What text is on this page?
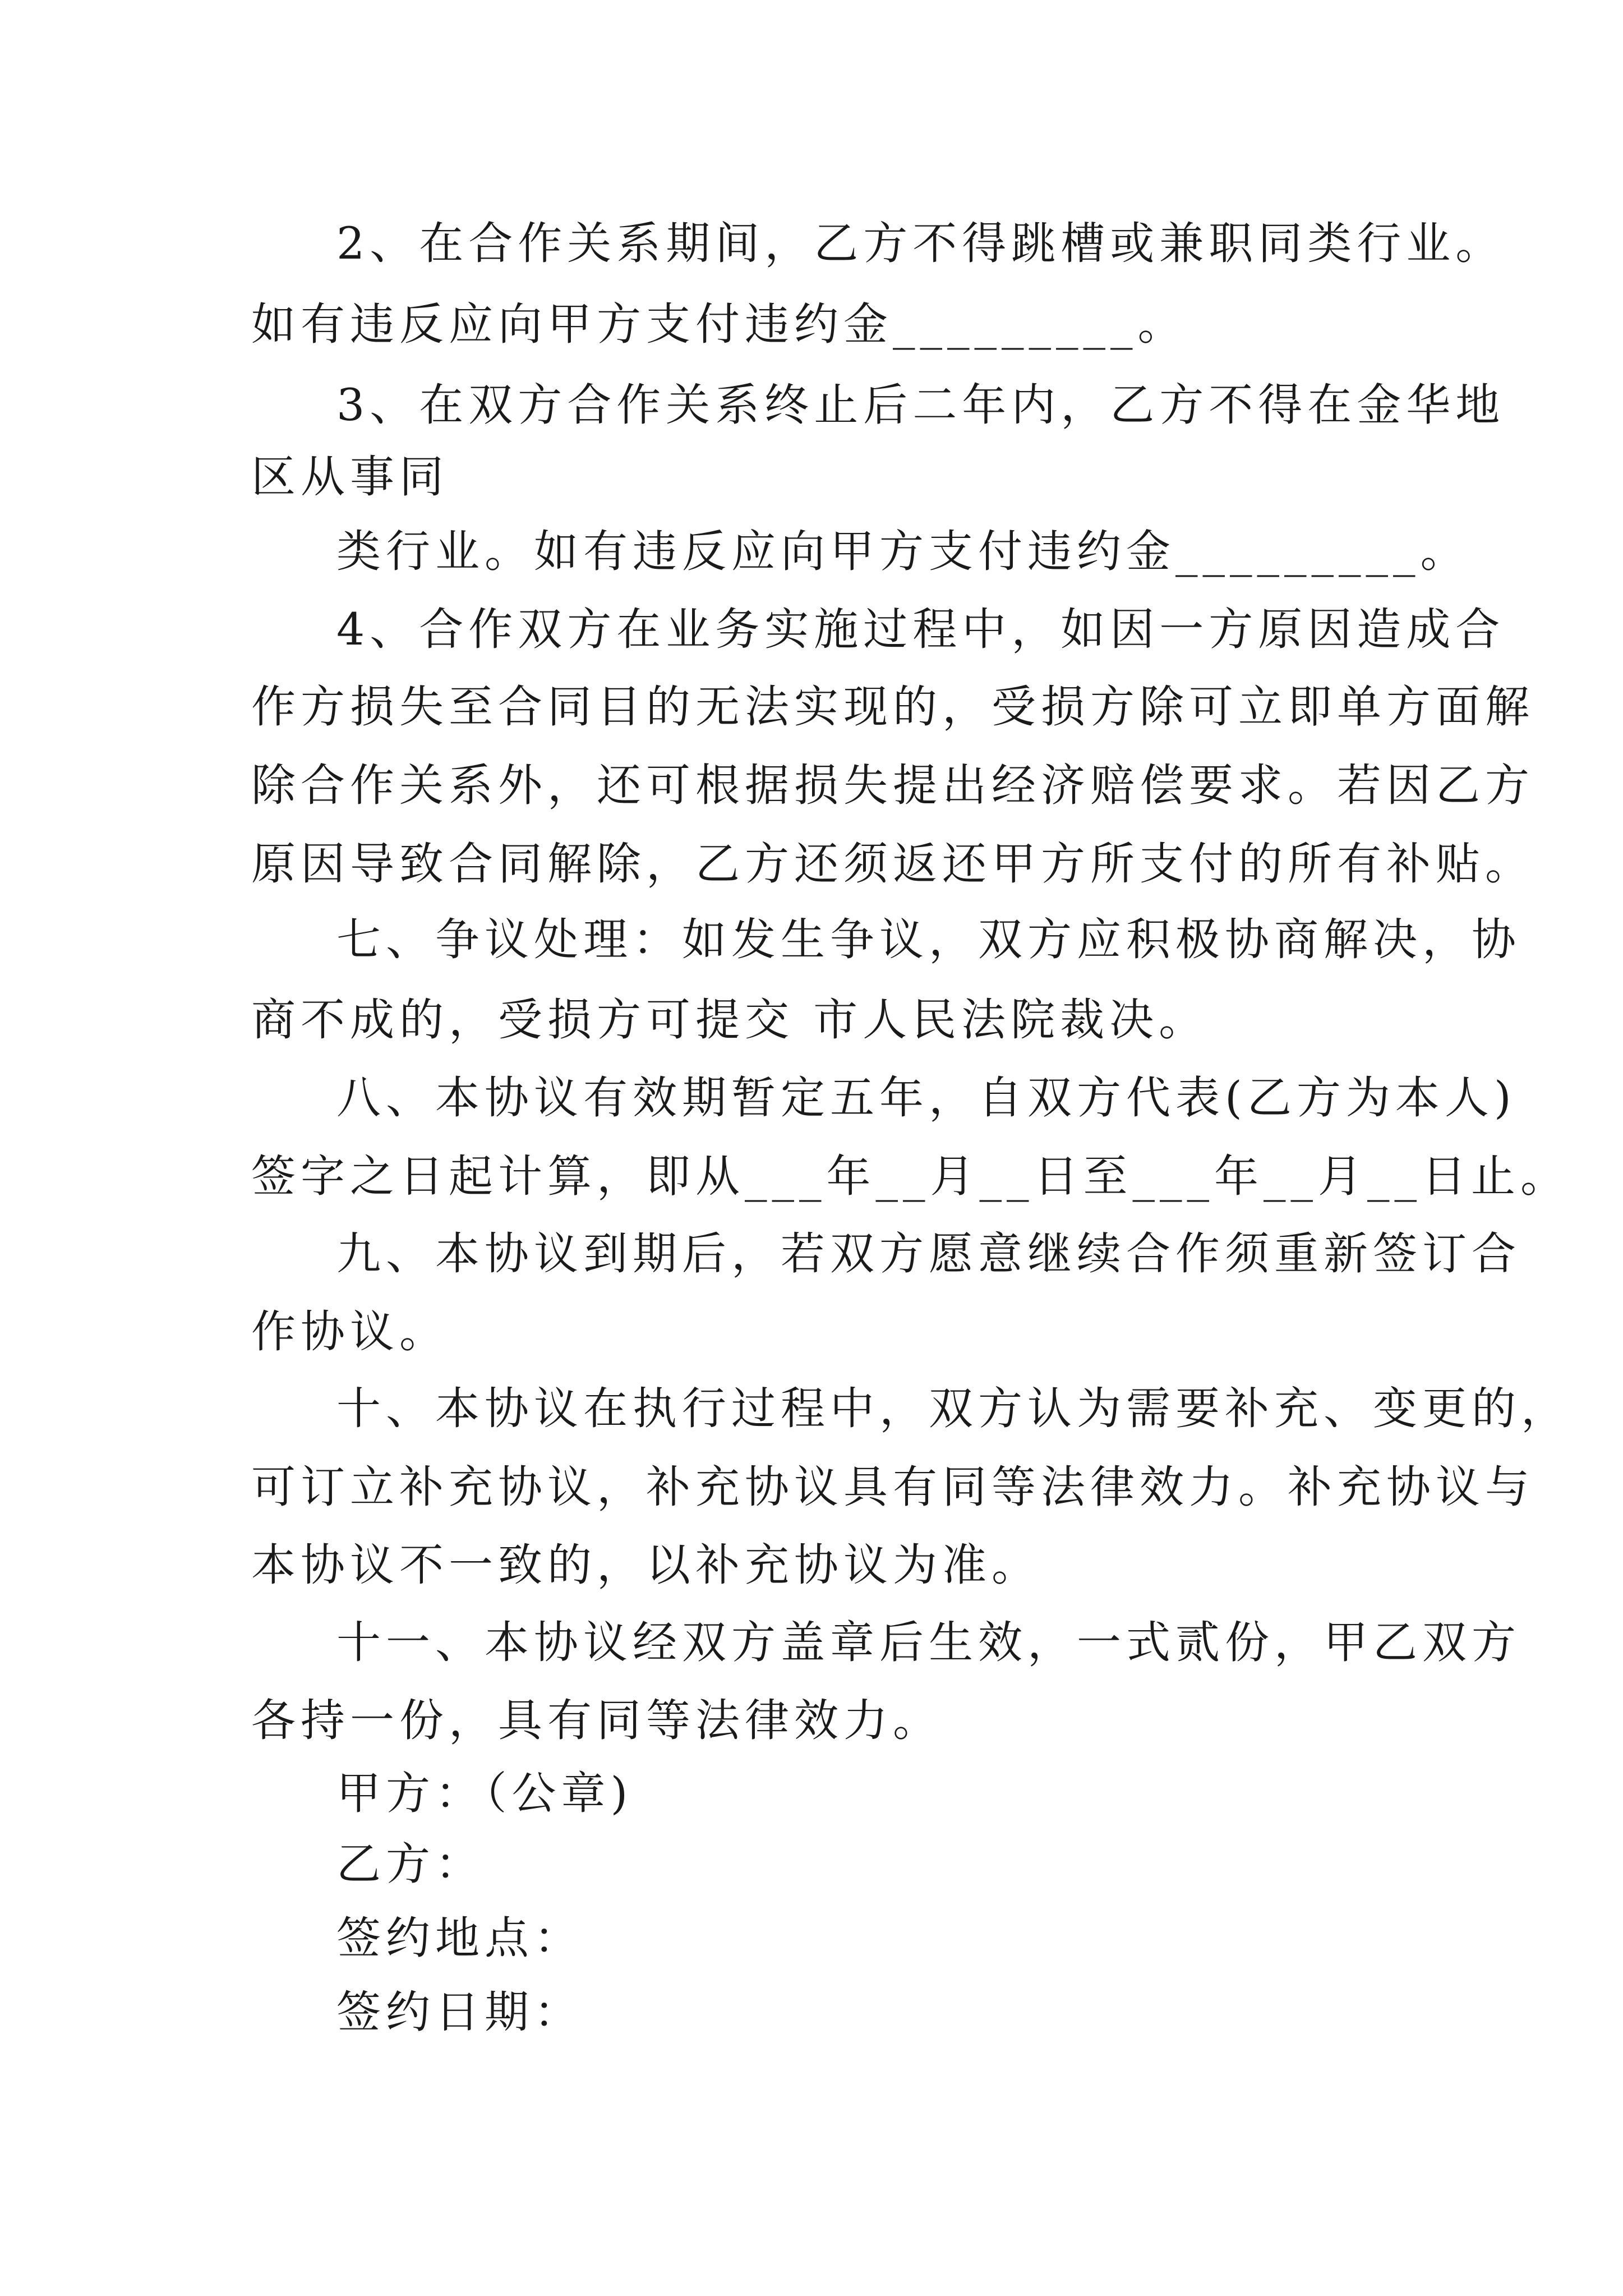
2、在合作关系期间，乙方不得跳槽或兼职同类行业。
如有违反应向甲方支付违约金_________。
3、在双方合作关系终止后二年内，乙方不得在金华地
区从事同
类行业。如有违反应向甲方支付违约金_________。
4、合作双方在业务实施过程中，如因一方原因造成合
作方损失至合同目的无法实现的，受损方除可立即单方面解
除合作关系外，还可根据损失提出经济赔偿要求。若因乙方
原因导致合同解除，乙方还须返还甲方所支付的所有补贴。
七、争议处理：如发生争议，双方应积极协商解决，协
商不成的，受损方可提交 市人民法院裁决。
八、本协议有效期暂定五年，自双方代表(乙方为本人)
签字之日起计算，即从___年__月__日至___年__月__日止。
九、本协议到期后，若双方愿意继续合作须重新签订合
作协议。
十、本协议在执行过程中，双方认为需要补充、变更的，
可订立补充协议，补充协议具有同等法律效力。补充协议与
本协议不一致的，以补充协议为准。
十一、本协议经双方盖章后生效，一式贰份，甲乙双方
各持一份，具有同等法律效力。
甲方：（公章)
乙方：
签约地点：
签约日期：
